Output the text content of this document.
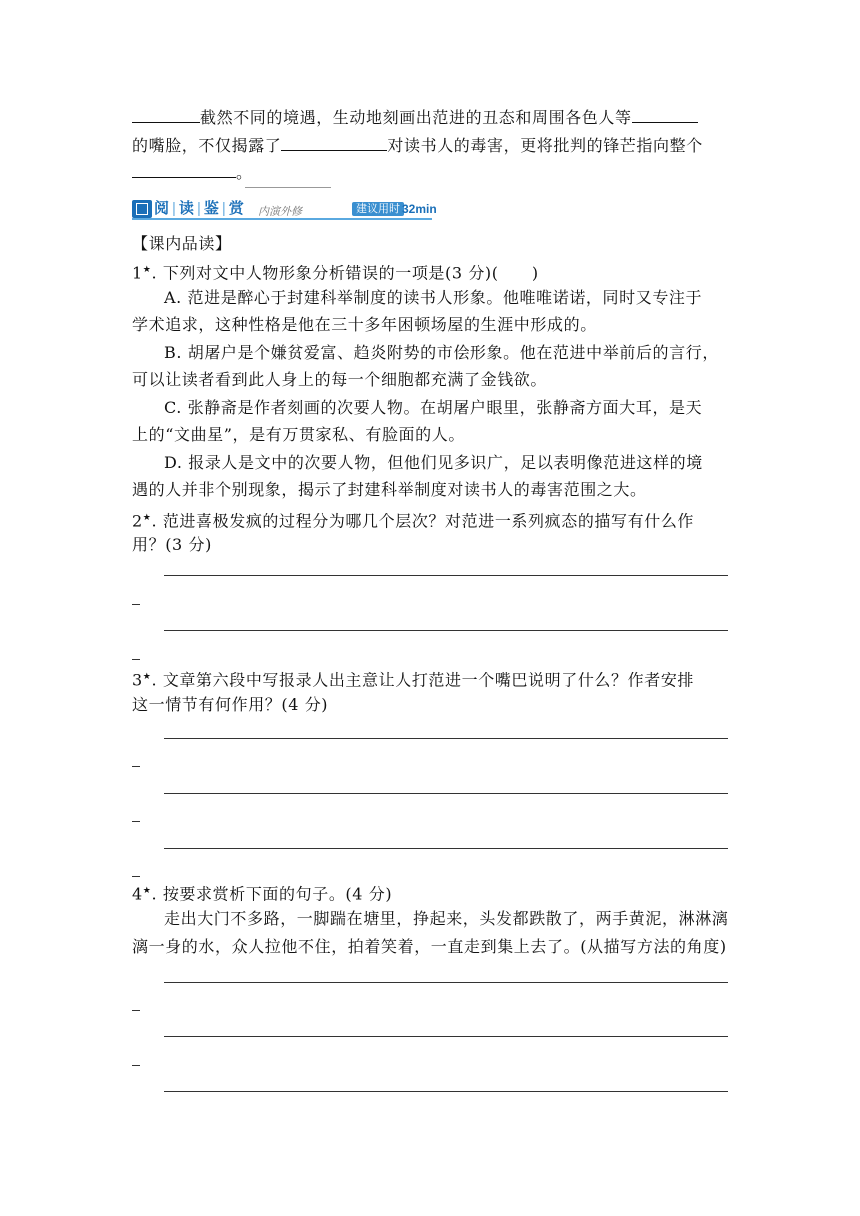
截然不同的境遇，生动地刻画出范进的丑态和周围各色人等
的嘴脸，不仅揭露了	对读书人的毒害，更将批判的锋芒指向整个
。
阅 | 读 | 鉴 | 赏 内演外修	建议用时 32min
【课内品读】
1★. 下列对文中人物形象分析错误的一项是(3 分)(　　)
A. 范进是醉心于封建科举制度的读书人形象。他唯唯诺诺，同时又专注于
学术追求，这种性格是他在三十多年困顿场屋的生涯中形成的。
B. 胡屠户是个嫌贫爱富、趋炎附势的市侩形象。他在范进中举前后的言行，
可以让读者看到此人身上的每一个细胞都充满了金钱欲。
C. 张静斋是作者刻画的次要人物。在胡屠户眼里，张静斋方面大耳，是天
上的“文曲星”，是有万贯家私、有脸面的人。
D. 报录人是文中的次要人物，但他们见多识广，足以表明像范进这样的境
遇的人并非个别现象，揭示了封建科举制度对读书人的毒害范围之大。
2★. 范进喜极发疯的过程分为哪几个层次？对范进一系列疯态的描写有什么作
用？(3 分)
3★. 文章第六段中写报录人出主意让人打范进一个嘴巴说明了什么？作者安排
这一情节有何作用？(4 分)
4★. 按要求赏析下面的句子。(4 分)
走出大门不多路，一脚踹在塘里，挣起来，头发都跌散了，两手黄泥，淋淋漓
漓一身的水，众人拉他不住，拍着笑着，一直走到集上去了。(从描写方法的角度)
